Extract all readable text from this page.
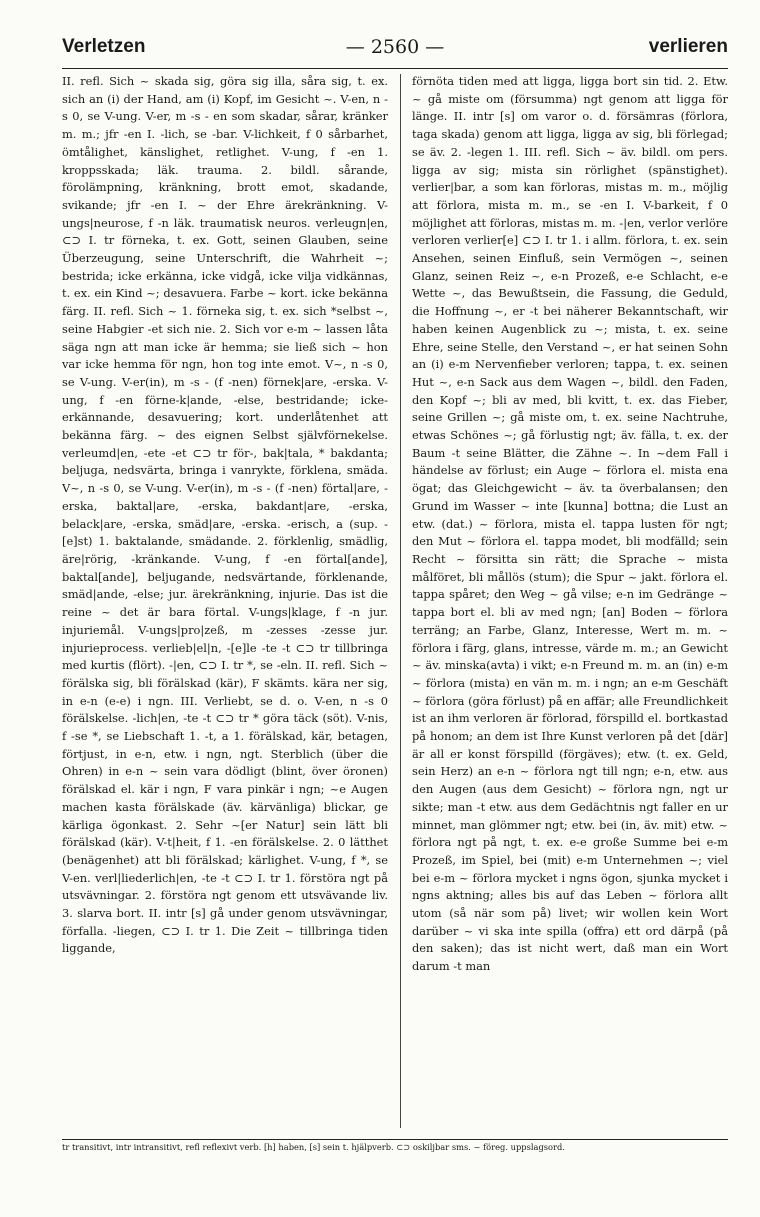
Verletzen	— 2560 —	verlieren

II. refl. Sich ~ skada sig, göra sig illa, såra sig, t. ex. sich an (i) der Hand, am (i) Kopf, im Gesicht ~. V-en, n -s 0, se V-ung. V-er, m -s - en som skadar, sårar, kränker m. m.; jfr -en I. -lich, se -bar. V-lichkeit, f 0 sårbarhet, ömtålighet, känslighet, retlighet. V-ung, f -en 1. kroppsskada; läk. trauma. 2. bildl. sårande, förolämpning, kränkning, brott emot, skadande, svikande; jfr -en I. ~ der Ehre ärekränkning. V-ungs|neurose, f -n läk. traumatisk neuros. verleugn|en, ⊂⊃ I. tr förneka, t. ex. Gott, seinen Glauben, seine Überzeugung, seine Unterschrift, die Wahrheit ~; bestrida; icke erkänna, icke vidgå, icke vilja vidkännas, t. ex. ein Kind ~; desavuera. Farbe ~ kort. icke bekänna färg. II. refl. Sich ~ 1. förneka sig, t. ex. sich *selbst ~, seine Habgier -et sich nie. 2. Sich vor e-m ~ lassen låta säga ngn att man icke är hemma; sie ließ sich ~ hon var icke hemma för ngn, hon tog inte emot. V~, n -s 0, se V-ung. V-er(in), m -s - (f -nen) förnek|are, -erska. V-ung, f -en förne-k|ande, -else, bestridande; icke-erkännande, desavuering; kort. underlåtenhet att bekänna färg. ~ des eignen Selbst självförnekelse. verleumd|en, -ete -et ⊂⊃ tr för-, bak|tala, * bakdanta; beljuga, nedsvärta, bringa i vanrykte, förklena, smäda. V~, n -s 0, se V-ung. V-er(in), m -s - (f -nen) förtal|are, -erska, baktal|are, -erska, bakdant|are, -erska, belack|are, -erska, smäd|are, -erska. -erisch, a (sup. -[e]st) 1. baktalande, smädande. 2. förklenlig, smädlig, äre|rörig, -kränkande. V-ung, f -en förtal[ande], baktal[ande], beljugande, nedsvärtande, förklenande, smäd|ande, -else; jur. ärekränkning, injurie. Das ist die reine ~ det är bara förtal. V-ungs|klage, f -n jur. injuriemål. V-ungs|pro|zeß, m -zesses -zesse jur. injurieprocess. verlieb|el|n, -[e]le -te -t ⊂⊃ tr tillbringa med kurtis (flört). -|en, ⊂⊃ I. tr *, se -eln. II. refl. Sich ~ förälska sig, bli förälskad (kär), F skämts. kära ner sig, in e-n (e-e) i ngn. III. Verliebt, se d. o. V-en, n -s 0 förälskelse. -lich|en, -te -t ⊂⊃ tr * göra täck (söt). V-nis, f -se *, se Liebschaft 1. -t, a 1. förälskad, kär, betagen, förtjust, in e-n, etw. i ngn, ngt. Sterblich (über die Ohren) in e-n ~ sein vara dödligt (blint, över öronen) förälskad el. kär i ngn, F vara pinkär i ngn; ~e Augen machen kasta förälskade (äv. kärvänliga) blickar, ge kärliga ögonkast. 2. Sehr ~[er Natur] sein lätt bli förälskad (kär). V-t|heit, f 1. -en förälskelse. 2. 0 lätthet (benägenhet) att bli förälskad; kärlighet. V-ung, f *, se V-en. verl|liederlich|en, -te -t ⊂⊃ I. tr 1. förstöra ngt på utsvävningar. 2. förstöra ngt genom ett utsvävande liv. 3. slarva bort. II. intr [s] gå under genom utsvävningar, förfalla. -liegen, ⊂⊃ I. tr 1. Die Zeit ~ tillbringa tiden liggande,

förnöta tiden med att ligga, ligga bort sin tid. 2. Etw. ~ gå miste om (försumma) ngt genom att ligga för länge. II. intr [s] om varor o. d. försämras (förlora, taga skada) genom att ligga, ligga av sig, bli förlegad; se äv. 2. -legen 1. III. refl. Sich ~ äv. bildl. om pers. ligga av sig; mista sin rörlighet (spänstighet). verlier|bar, a som kan förloras, mistas m. m., möjlig att förlora, mista m. m., se -en I. V-barkeit, f 0 möjlighet att förloras, mistas m. m. -|en, verlor verlöre verloren verlier[e] ⊂⊃ I. tr 1. i allm. förlora, t. ex. sein Ansehen, seinen Einfluß, sein Vermögen ~, seinen Glanz, seinen Reiz ~, e-n Prozeß, e-e Schlacht, e-e Wette ~, das Bewußtsein, die Fassung, die Geduld, die Hoffnung ~, er -t bei näherer Bekanntschaft, wir haben keinen Augenblick zu ~; mista, t. ex. seine Ehre, seine Stelle, den Verstand ~, er hat seinen Sohn an (i) e-m Nervenfieber verloren; tappa, t. ex. seinen Hut ~, e-n Sack aus dem Wagen ~, bildl. den Faden, den Kopf ~; bli av med, bli kvitt, t. ex. das Fieber, seine Grillen ~; gå miste om, t. ex. seine Nachtruhe, etwas Schönes ~; gå förlustig ngt; äv. fälla, t. ex. der Baum -t seine Blätter, die Zähne ~. In ~dem Fall i händelse av förlust; ein Auge ~ förlora el. mista ena ögat; das Gleichgewicht ~ äv. ta överbalansen; den Grund im Wasser ~ inte [kunna] bottna; die Lust an etw. (dat.) ~ förlora, mista el. tappa lusten för ngt; den Mut ~ förlora el. tappa modet, bli modfälld; sein Recht ~ försitta sin rätt; die Sprache ~ mista målföret, bli mållös (stum); die Spur ~ jakt. förlora el. tappa spåret; den Weg ~ gå vilse; e-n im Gedränge ~ tappa bort el. bli av med ngn; [an] Boden ~ förlora terräng; an Farbe, Glanz, Interesse, Wert m. m. ~ förlora i färg, glans, intresse, värde m. m.; an Gewicht ~ äv. minska(avta) i vikt; e-n Freund m. m. an (in) e-m ~ förlora (mista) en vän m. m. i ngn; an e-m Geschäft ~ förlora (göra förlust) på en affär; alle Freundlichkeit ist an ihm verloren är förlorad, förspilld el. bortkastad på honom; an dem ist Ihre Kunst verloren på det [där] är all er konst förspilld (förgäves); etw. (t. ex. Geld, sein Herz) an e-n ~ förlora ngt till ngn; e-n, etw. aus den Augen (aus dem Gesicht) ~ förlora ngn, ngt ur sikte; man -t etw. aus dem Gedächtnis ngt faller en ur minnet, man glömmer ngt; etw. bei (in, äv. mit) etw. ~ förlora ngt på ngt, t. ex. e-e große Summe bei e-m Prozeß, im Spiel, bei (mit) e-m Unternehmen ~; viel bei e-m ~ förlora mycket i ngns ögon, sjunka mycket i ngns aktning; alles bis auf das Leben ~ förlora allt utom (så när som på) livet; wir wollen kein Wort darüber ~ vi ska inte spilla (offra) ett ord därpå (på den saken); das ist nicht wert, daß man ein Wort darum -t man

tr transitivt, intr intransitivt, refl reflexivt verb. [h] haben, [s] sein t. hjälpverb. ⊂⊃ oskiljbar sms. ~ föreg. uppslagsord.
